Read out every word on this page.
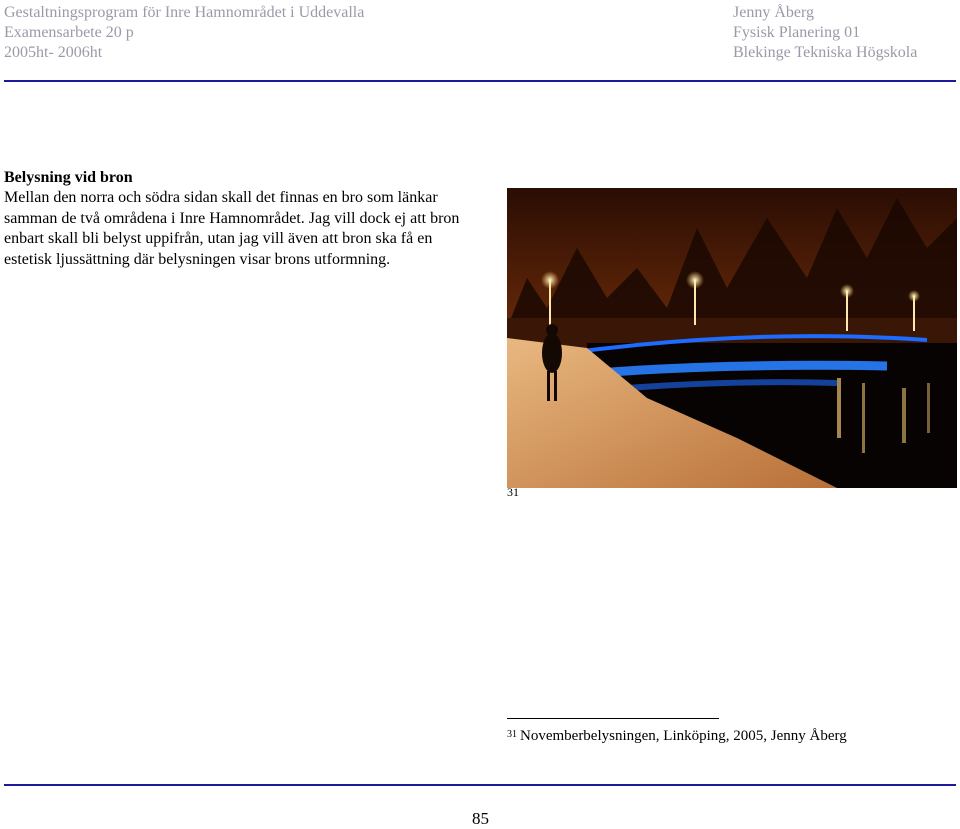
Gestaltningsprogram för Inre Hamnområdet i Uddevalla
Examensarbete 20 p
2005ht- 2006ht
Jenny Åberg
Fysisk Planering 01
Blekinge Tekniska Högskola
Belysning vid bron

Mellan den norra och södra sidan skall det finnas en bro som länkar samman de två områdena i Inre Hamnområdet. Jag vill dock ej att bron enbart skall bli belyst uppifrån, utan jag vill även att bron ska få en estetisk ljussättning där belysningen visar brons utformning.

31
$^{31}$ Novemberbelysningen, Linköping, 2005, Jenny Åberg
85
